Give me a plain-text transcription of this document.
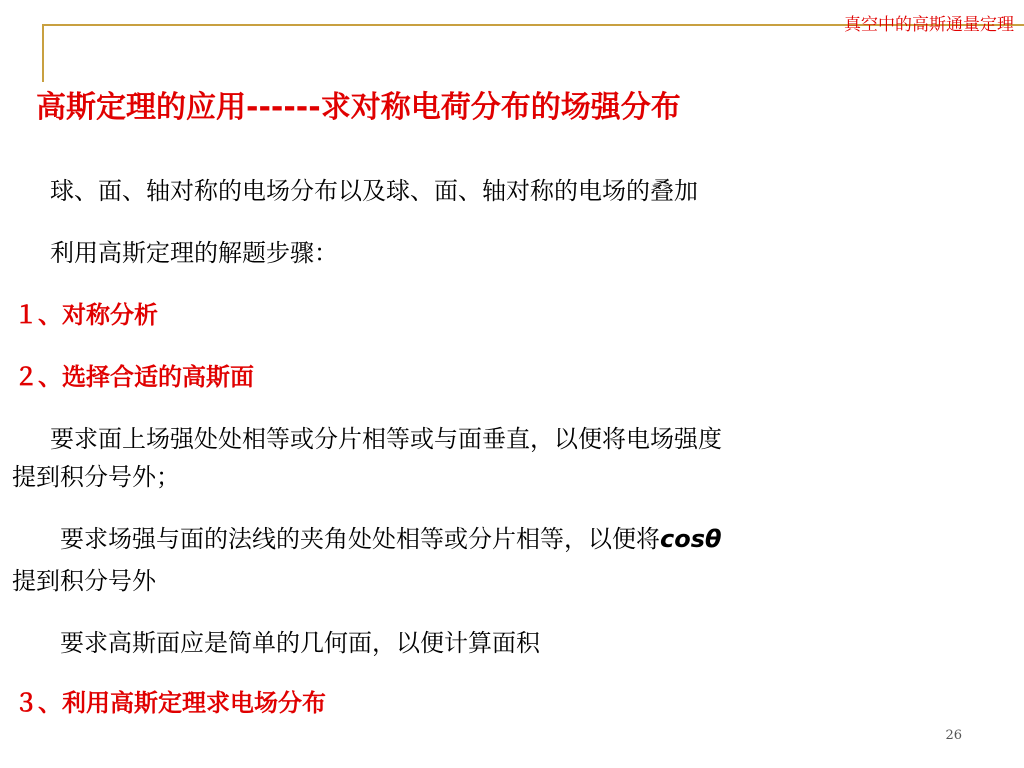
真空中的高斯通量定理
高斯定理的应用------求对称电荷分布的场强分布
球、面、轴对称的电场分布以及球、面、轴对称的电场的叠加
利用高斯定理的解题步骤：
１、对称分析
２、选择合适的高斯面
要求面上场强处处相等或分片相等或与面垂直，以便将电场强度
提到积分号外；
要求场强与面的法线的夹角处处相等或分片相等，以便将cosθ
提到积分号外
要求高斯面应是简单的几何面，以便计算面积
３、利用高斯定理求电场分布
26
